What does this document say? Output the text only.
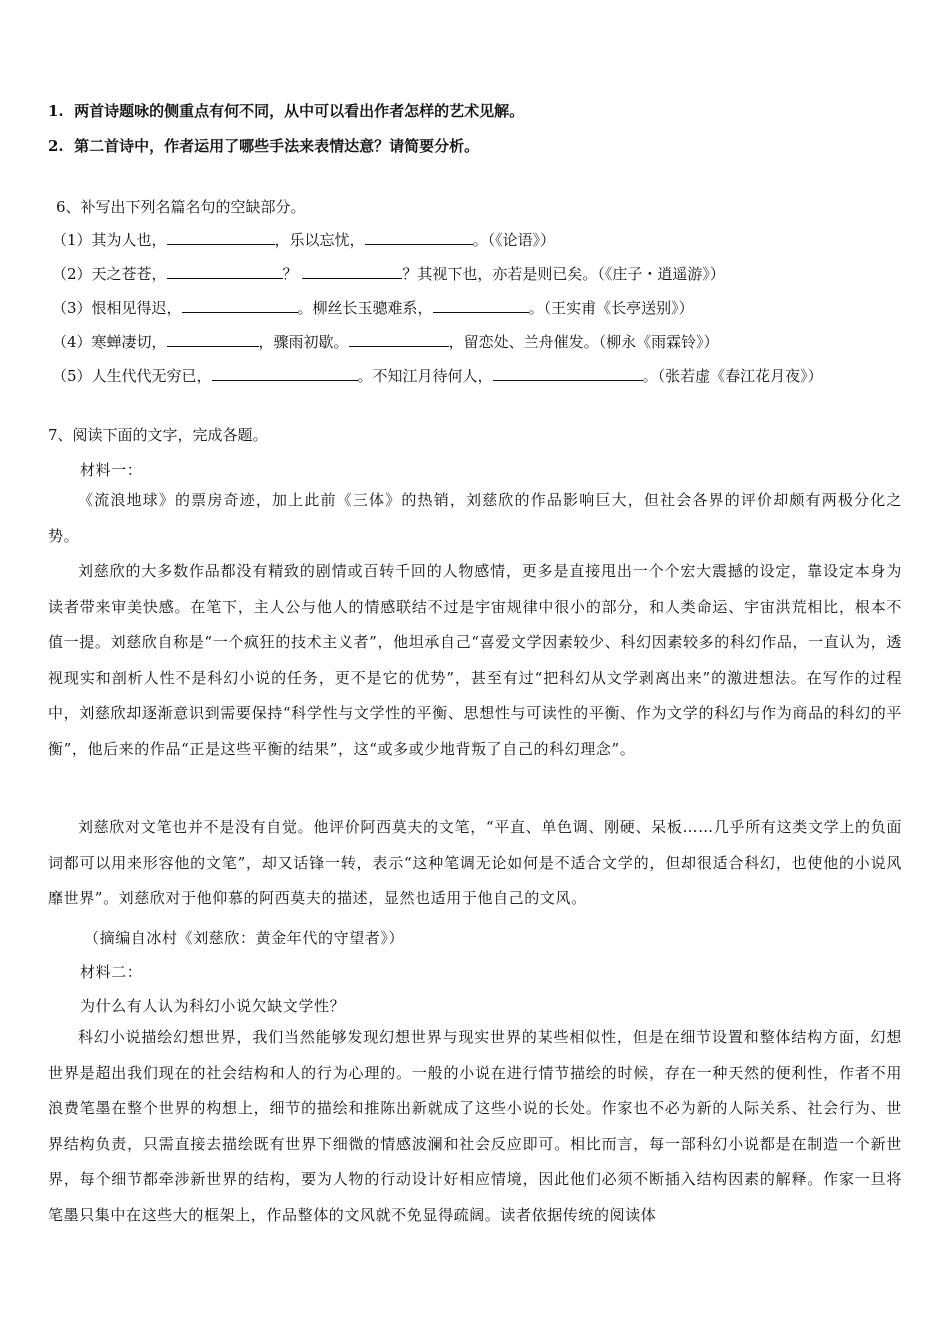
1. 两首诗题咏的侧重点有何不同，从中可以看出作者怎样的艺术见解。
2. 第二首诗中，作者运用了哪些手法来表情达意？请简要分析。
6、补写出下列名篇名句的空缺部分。
（1）其为人也，	，乐以忘忧，	。（《论语》）
（2）天之苍苍，	？	？其视下也，亦若是则已矣。（《庄子・逍遥游》）
（3）恨相见得迟，	。柳丝长玉骢难系，	。（王实甫《长亭送别》）
（4）寒蝉凄切，	，骤雨初歇。	，留恋处、兰舟催发。（柳永《雨霖铃》）
（5）人生代代无穷已，	。不知江月待何人，	。（张若虚《春江花月夜》）
7、阅读下面的文字，完成各题。
材料一：
《流浪地球》的票房奇迹，加上此前《三体》的热销，刘慈欣的作品影响巨大，但社会各界的评价却颇有两极分化之势。
刘慈欣的大多数作品都没有精致的剧情或百转千回的人物感情，更多是直接甩出一个个宏大震撼的设定，靠设定本身为读者带来审美快感。在笔下，主人公与他人的情感联结不过是宇宙规律中很小的部分，和人类命运、宇宙洪荒相比，根本不值一提。刘慈欣自称是“一个疯狂的技术主义者”，他坦承自己“喜爱文学因素较少、科幻因素较多的科幻作品，一直认为，透视现实和剖析人性不是科幻小说的任务，更不是它的优势”，甚至有过“把科幻从文学剥离出来”的激进想法。在写作的过程中，刘慈欣却逐渐意识到需要保持“科学性与文学性的平衡、思想性与可读性的平衡、作为文学的科幻与作为商品的科幻的平衡”，他后来的作品“正是这些平衡的结果”，这“或多或少地背叛了自己的科幻理念”。
刘慈欣对文笔也并不是没有自觉。他评价阿西莫夫的文笔，“平直、单色调、刚硬、呆板……几乎所有这类文学上的负面词都可以用来形容他的文笔”，却又话锋一转，表示“这种笔调无论如何是不适合文学的，但却很适合科幻，也使他的小说风靡世界”。刘慈欣对于他仰慕的阿西莫夫的描述，显然也适用于他自己的文风。
（摘编自冰村《刘慈欣：黄金年代的守望者》）
材料二：
为什么有人认为科幻小说欠缺文学性？
科幻小说描绘幻想世界，我们当然能够发现幻想世界与现实世界的某些相似性，但是在细节设置和整体结构方面，幻想世界是超出我们现在的社会结构和人的行为心理的。一般的小说在进行情节描绘的时候，存在一种天然的便利性，作者不用浪费笔墨在整个世界的构想上，细节的描绘和推陈出新就成了这些小说的长处。作家也不必为新的人际关系、社会行为、世界结构负责，只需直接去描绘既有世界下细微的情感波澜和社会反应即可。相比而言，每一部科幻小说都是在制造一个新世界，每个细节都牵涉新世界的结构，要为人物的行动设计好相应情境，因此他们必须不断插入结构因素的解释。作家一旦将笔墨只集中在这些大的框架上，作品整体的文风就不免显得疏阔。读者依据传统的阅读体
